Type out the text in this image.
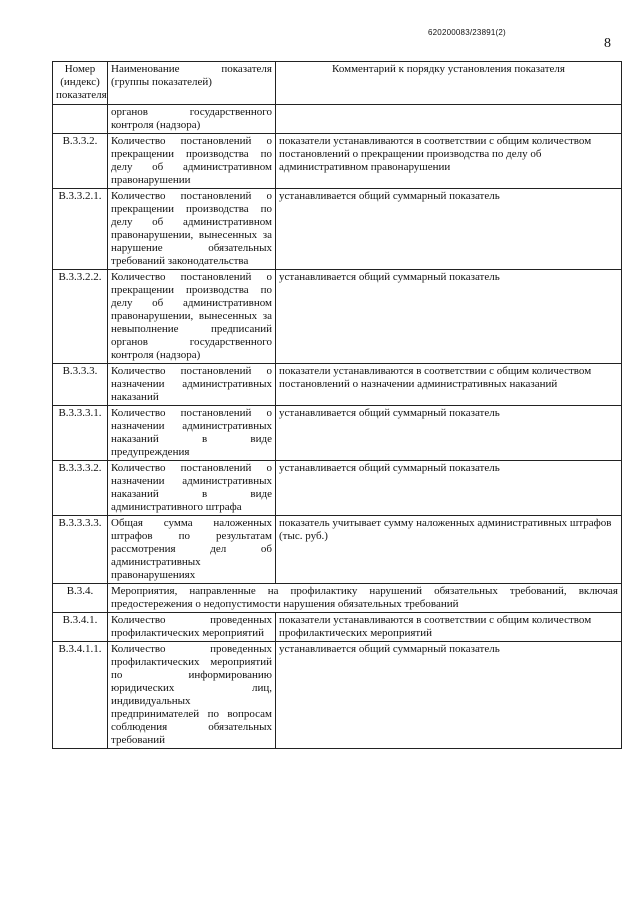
620200083/23891(2)
8
Номер (индекс) показателя	Наименование показателя (группы показателей)	Комментарий к порядку установления показателя
	органов государственного контроля (надзора)	
В.3.3.2.	Количество постановлений о прекращении производства по делу об административном правонарушении	показатели устанавливаются в соответствии с общим количеством постановлений о прекращении производства по делу об административном правонарушении
В.3.3.2.1.	Количество постановлений о прекращении производства по делу об административном правонарушении, вынесенных за нарушение обязательных требований законодательства	устанавливается общий суммарный показатель
В.3.3.2.2.	Количество постановлений о прекращении производства по делу об административном правонарушении, вынесенных за невыполнение предписаний органов государственного контроля (надзора)	устанавливается общий суммарный показатель
В.3.3.3.	Количество постановлений о назначении административных наказаний	показатели устанавливаются в соответствии с общим количеством постановлений о назначении административных наказаний
В.3.3.3.1.	Количество постановлений о назначении административных наказаний в виде предупреждения	устанавливается общий суммарный показатель
В.3.3.3.2.	Количество постановлений о назначении административных наказаний в виде административного штрафа	устанавливается общий суммарный показатель
В.3.3.3.3.	Общая сумма наложенных штрафов по результатам рассмотрения дел об административных правонарушениях	показатель учитывает сумму наложенных административных штрафов (тыс. руб.)
В.3.4.	Мероприятия, направленные на профилактику нарушений обязательных требований, включая предостережения о недопустимости нарушения обязательных требований	
В.3.4.1.	Количество проведенных профилактических мероприятий	показатели устанавливаются в соответствии с общим количеством профилактических мероприятий
В.3.4.1.1.	Количество проведенных профилактических мероприятий по информированию юридических лиц, индивидуальных предпринимателей по вопросам соблюдения обязательных требований	устанавливается общий суммарный показатель
